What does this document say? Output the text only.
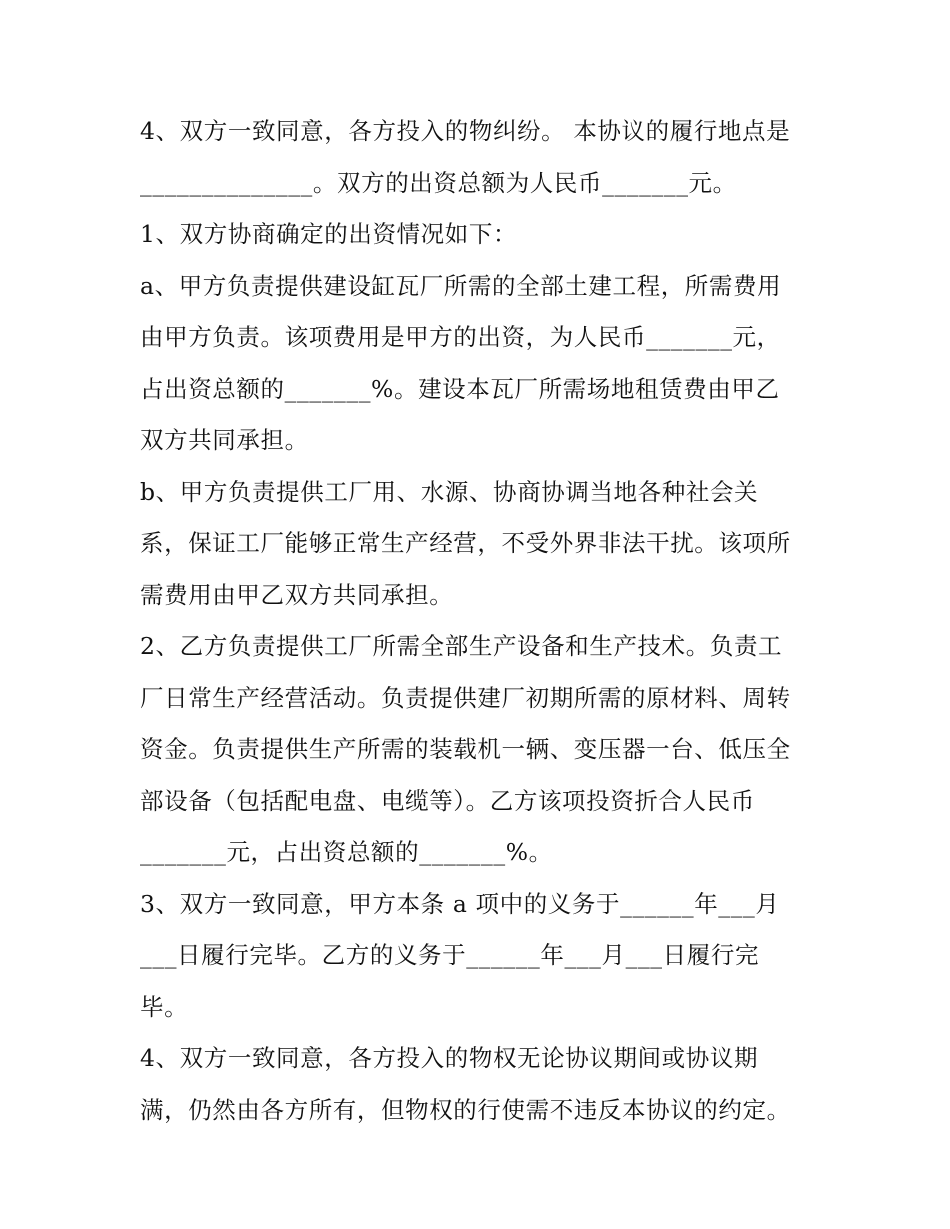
4、双方一致同意，各方投入的物纠纷。 本协议的履行地点是
______________。双方的出资总额为人民币_______元。
1、双方协商确定的出资情况如下：
a、甲方负责提供建设缸瓦厂所需的全部土建工程，所需费用
由甲方负责。该项费用是甲方的出资，为人民币_______元，
占出资总额的_______%。建设本瓦厂所需场地租赁费由甲乙
双方共同承担。
b、甲方负责提供工厂用、水源、协商协调当地各种社会关
系，保证工厂能够正常生产经营，不受外界非法干扰。该项所
需费用由甲乙双方共同承担。
2、乙方负责提供工厂所需全部生产设备和生产技术。负责工
厂日常生产经营活动。负责提供建厂初期所需的原材料、周转
资金。负责提供生产所需的装载机一辆、变压器一台、低压全
部设备（包括配电盘、电缆等）。乙方该项投资折合人民币
_______元，占出资总额的_______%。
3、双方一致同意，甲方本条 a 项中的义务于______年___月
___日履行完毕。乙方的义务于______年___月___日履行完
毕。
4、双方一致同意，各方投入的物权无论协议期间或协议期
满，仍然由各方所有，但物权的行使需不违反本协议的约定。
